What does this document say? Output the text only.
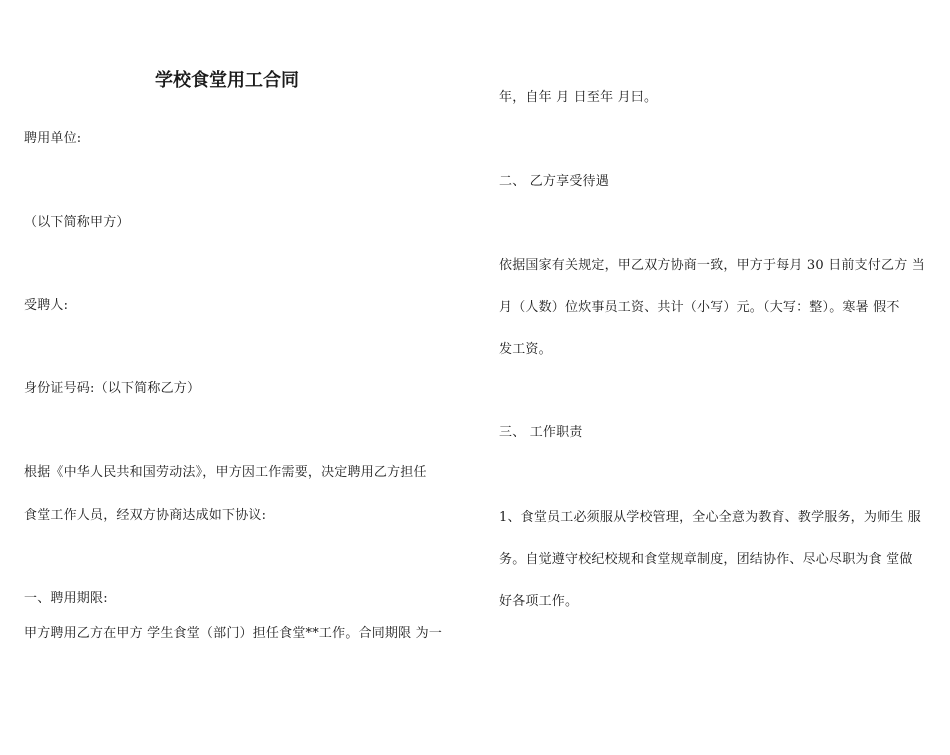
学校食堂用工合同
聘用单位:
（以下简称甲方）
受聘人:
身份证号码:（以下简称乙方）
根据《中华人民共和国劳动法》，甲方因工作需要，决定聘用乙方担任
食堂工作人员，经双方协商达成如下协议:
一、聘用期限:
甲方聘用乙方在甲方 学生食堂（部门）担任食堂**工作。合同期限 为一
年，自年 月 日至年 月曰。
二、 乙方享受待遇
依据国家有关规定，甲乙双方协商一致，甲方于每月 30 日前支付乙方 当
月（人数）位炊事员工资、共计（小写）元。（大写：整）。寒暑 假不
发工资。
三、 工作职责
1、食堂员工必须服从学校管理，全心全意为教育、教学服务，为师生 服
务。自觉遵守校纪校规和食堂规章制度，团结协作、尽心尽职为食 堂做
好各项工作。
